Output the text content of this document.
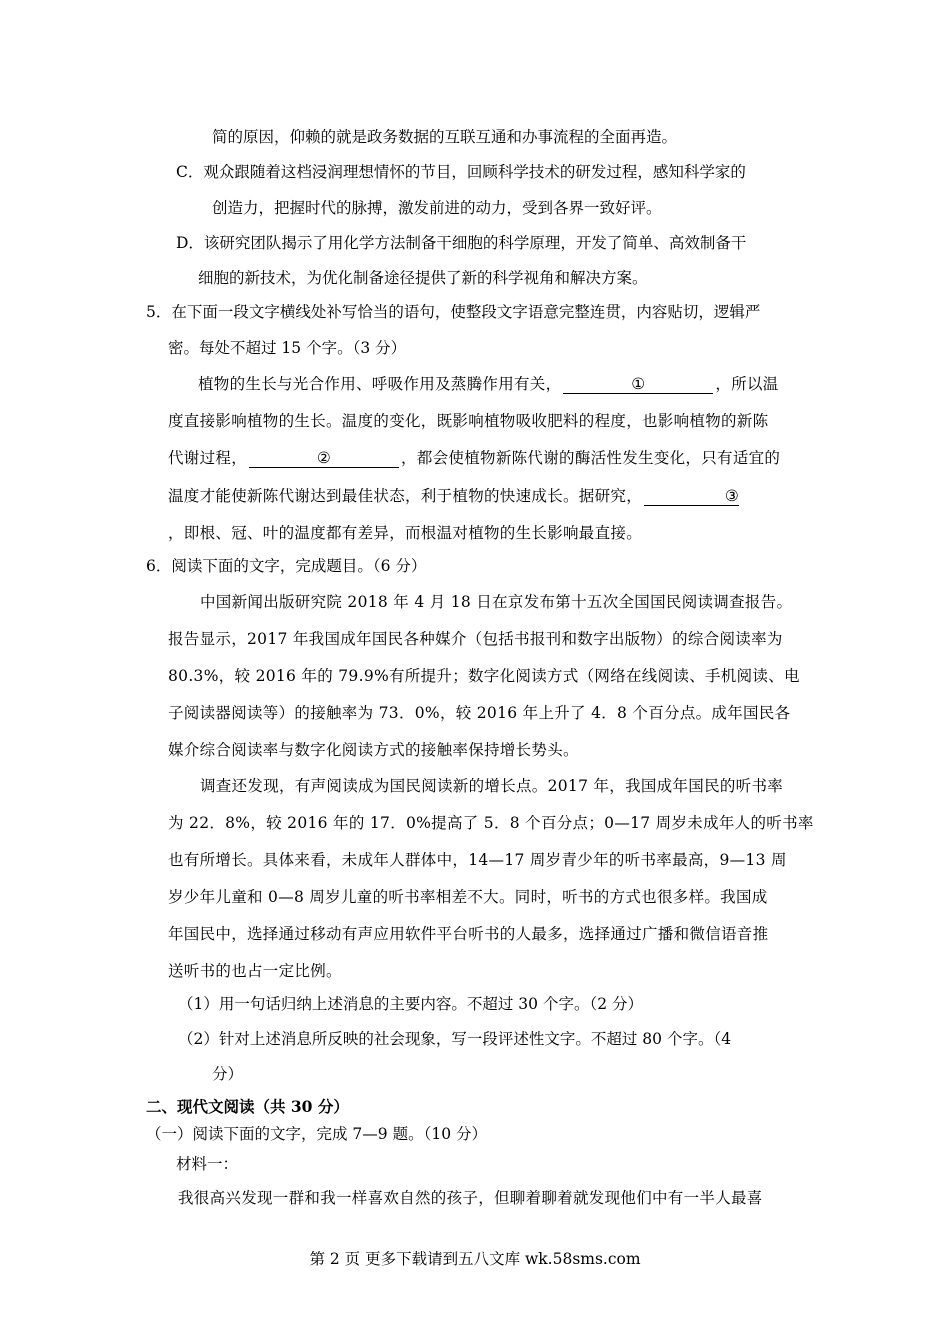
简的原因，仰赖的就是政务数据的互联互通和办事流程的全面再造。
C．观众跟随着这档浸润理想情怀的节目，回顾科学技术的研发过程，感知科学家的
创造力，把握时代的脉搏，激发前进的动力，受到各界一致好评。
D．该研究团队揭示了用化学方法制备干细胞的科学原理，开发了简单、高效制备干
细胞的新技术，为优化制备途径提供了新的科学视角和解决方案。
5．在下面一段文字横线处补写恰当的语句，使整段文字语意完整连贯，内容贴切，逻辑严
密。每处不超过 15 个字。（3 分）
植物的生长与光合作用、呼吸作用及蒸腾作用有关，	①	，所以温
度直接影响植物的生长。温度的变化，既影响植物吸收肥料的程度，也影响植物的新陈
代谢过程，	②	，都会使植物新陈代谢的酶活性发生变化，只有适宜的
温度才能使新陈代谢达到最佳状态，利于植物的快速成长。据研究，	③
，即根、冠、叶的温度都有差异，而根温对植物的生长影响最直接。
6．阅读下面的文字，完成题目。（6 分）
中国新闻出版研究院 2018 年 4 月 18 日在京发布第十五次全国国民阅读调查报告。
报告显示，2017 年我国成年国民各种媒介（包括书报刊和数字出版物）的综合阅读率为
80.3%，较 2016 年的 79.9%有所提升；数字化阅读方式（网络在线阅读、手机阅读、电
子阅读器阅读等）的接触率为 73．0%，较 2016 年上升了 4．8 个百分点。成年国民各
媒介综合阅读率与数字化阅读方式的接触率保持增长势头。
调查还发现，有声阅读成为国民阅读新的增长点。2017 年，我国成年国民的听书率
为 22．8%，较 2016 年的 17．0%提高了 5．8 个百分点；0—17 周岁未成年人的听书率
也有所增长。具体来看，未成年人群体中，14—17 周岁青少年的听书率最高，9—13 周
岁少年儿童和 0—8 周岁儿童的听书率相差不大。同时，听书的方式也很多样。我国成
年国民中，选择通过移动有声应用软件平台听书的人最多，选择通过广播和微信语音推
送听书的也占一定比例。
（1）用一句话归纳上述消息的主要内容。不超过 30 个字。（2 分）
（2）针对上述消息所反映的社会现象，写一段评述性文字。不超过 80 个字。（4
分）
二、现代文阅读（共 30 分）
（一）阅读下面的文字，完成 7—9 题。（10 分）
材料一：
我很高兴发现一群和我一样喜欢自然的孩子，但聊着聊着就发现他们中有一半人最喜
第 2 页 更多下载请到五八文库 wk.58sms.com
